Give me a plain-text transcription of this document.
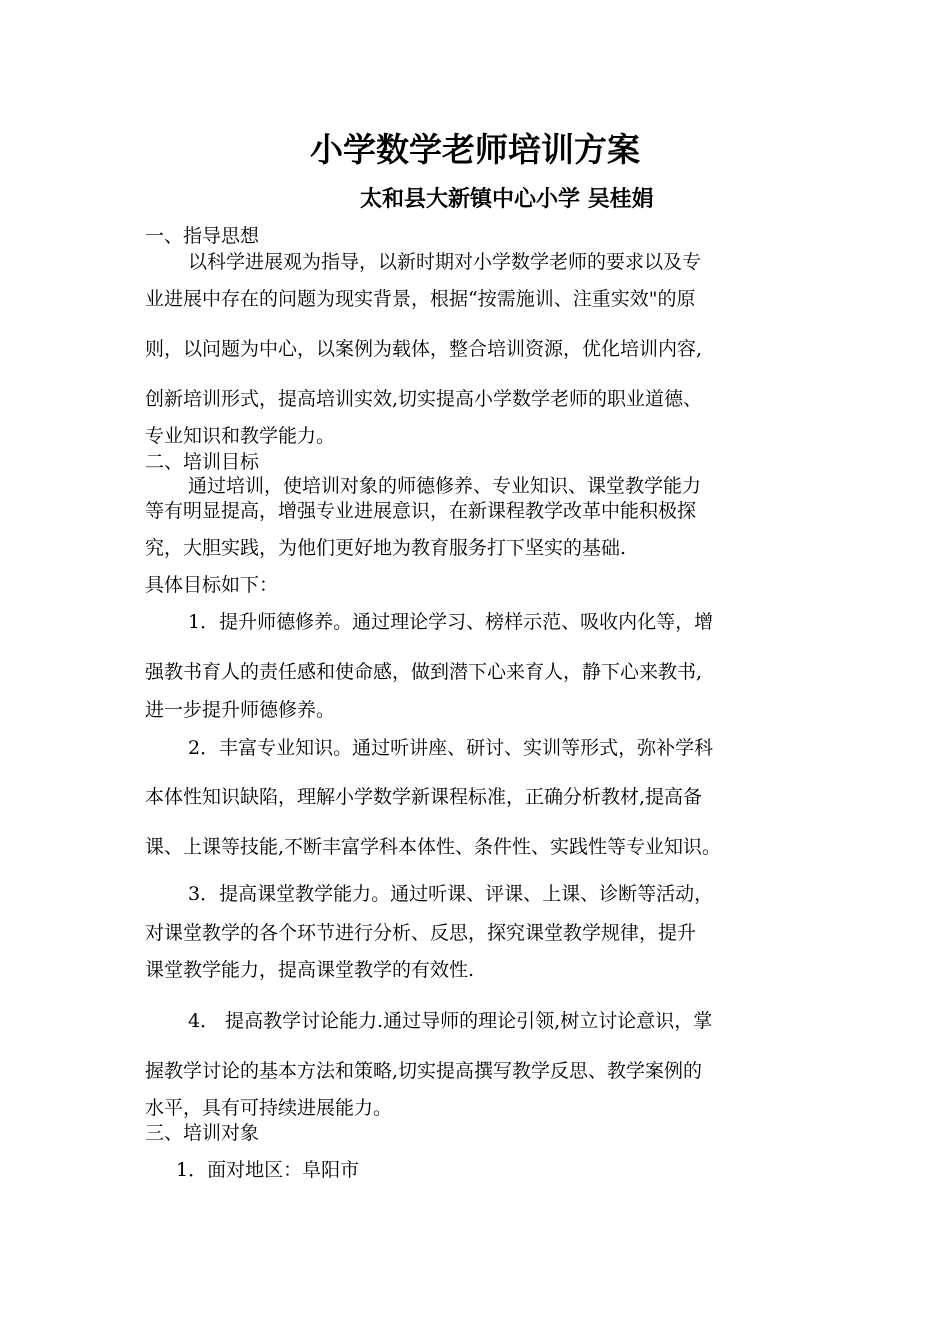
小学数学老师培训方案
太和县大新镇中心小学 吴桂娟
一、指导思想
以科学进展观为指导，以新时期对小学数学老师的要求以及专
业进展中存在的问题为现实背景，根据“按需施训、注重实效"的原
则，以问题为中心，以案例为载体，整合培训资源，优化培训内容,
创新培训形式，提高培训实效,切实提高小学数学老师的职业道德、
专业知识和教学能力。
二、培训目标
通过培训，使培训对象的师德修养、专业知识、课堂教学能力
等有明显提高，增强专业进展意识，在新课程教学改革中能积极探
究，大胆实践，为他们更好地为教育服务打下坚实的基础.
具体目标如下：
1．提升师德修养。通过理论学习、榜样示范、吸收内化等，增
强教书育人的责任感和使命感，做到潜下心来育人，静下心来教书,
进一步提升师德修养。
2．丰富专业知识。通过听讲座、研讨、实训等形式，弥补学科
本体性知识缺陷，理解小学数学新课程标准，正确分析教材,提高备
课、上课等技能,不断丰富学科本体性、条件性、实践性等专业知识。
3．提高课堂教学能力。通过听课、评课、上课、诊断等活动，
对课堂教学的各个环节进行分析、反思，探究课堂教学规律，提升
课堂教学能力，提高课堂教学的有效性.
4． 提高教学讨论能力.通过导师的理论引领,树立讨论意识，掌
握教学讨论的基本方法和策略,切实提高撰写教学反思、教学案例的
水平，具有可持续进展能力。
三、培训对象
1．面对地区：阜阳市
